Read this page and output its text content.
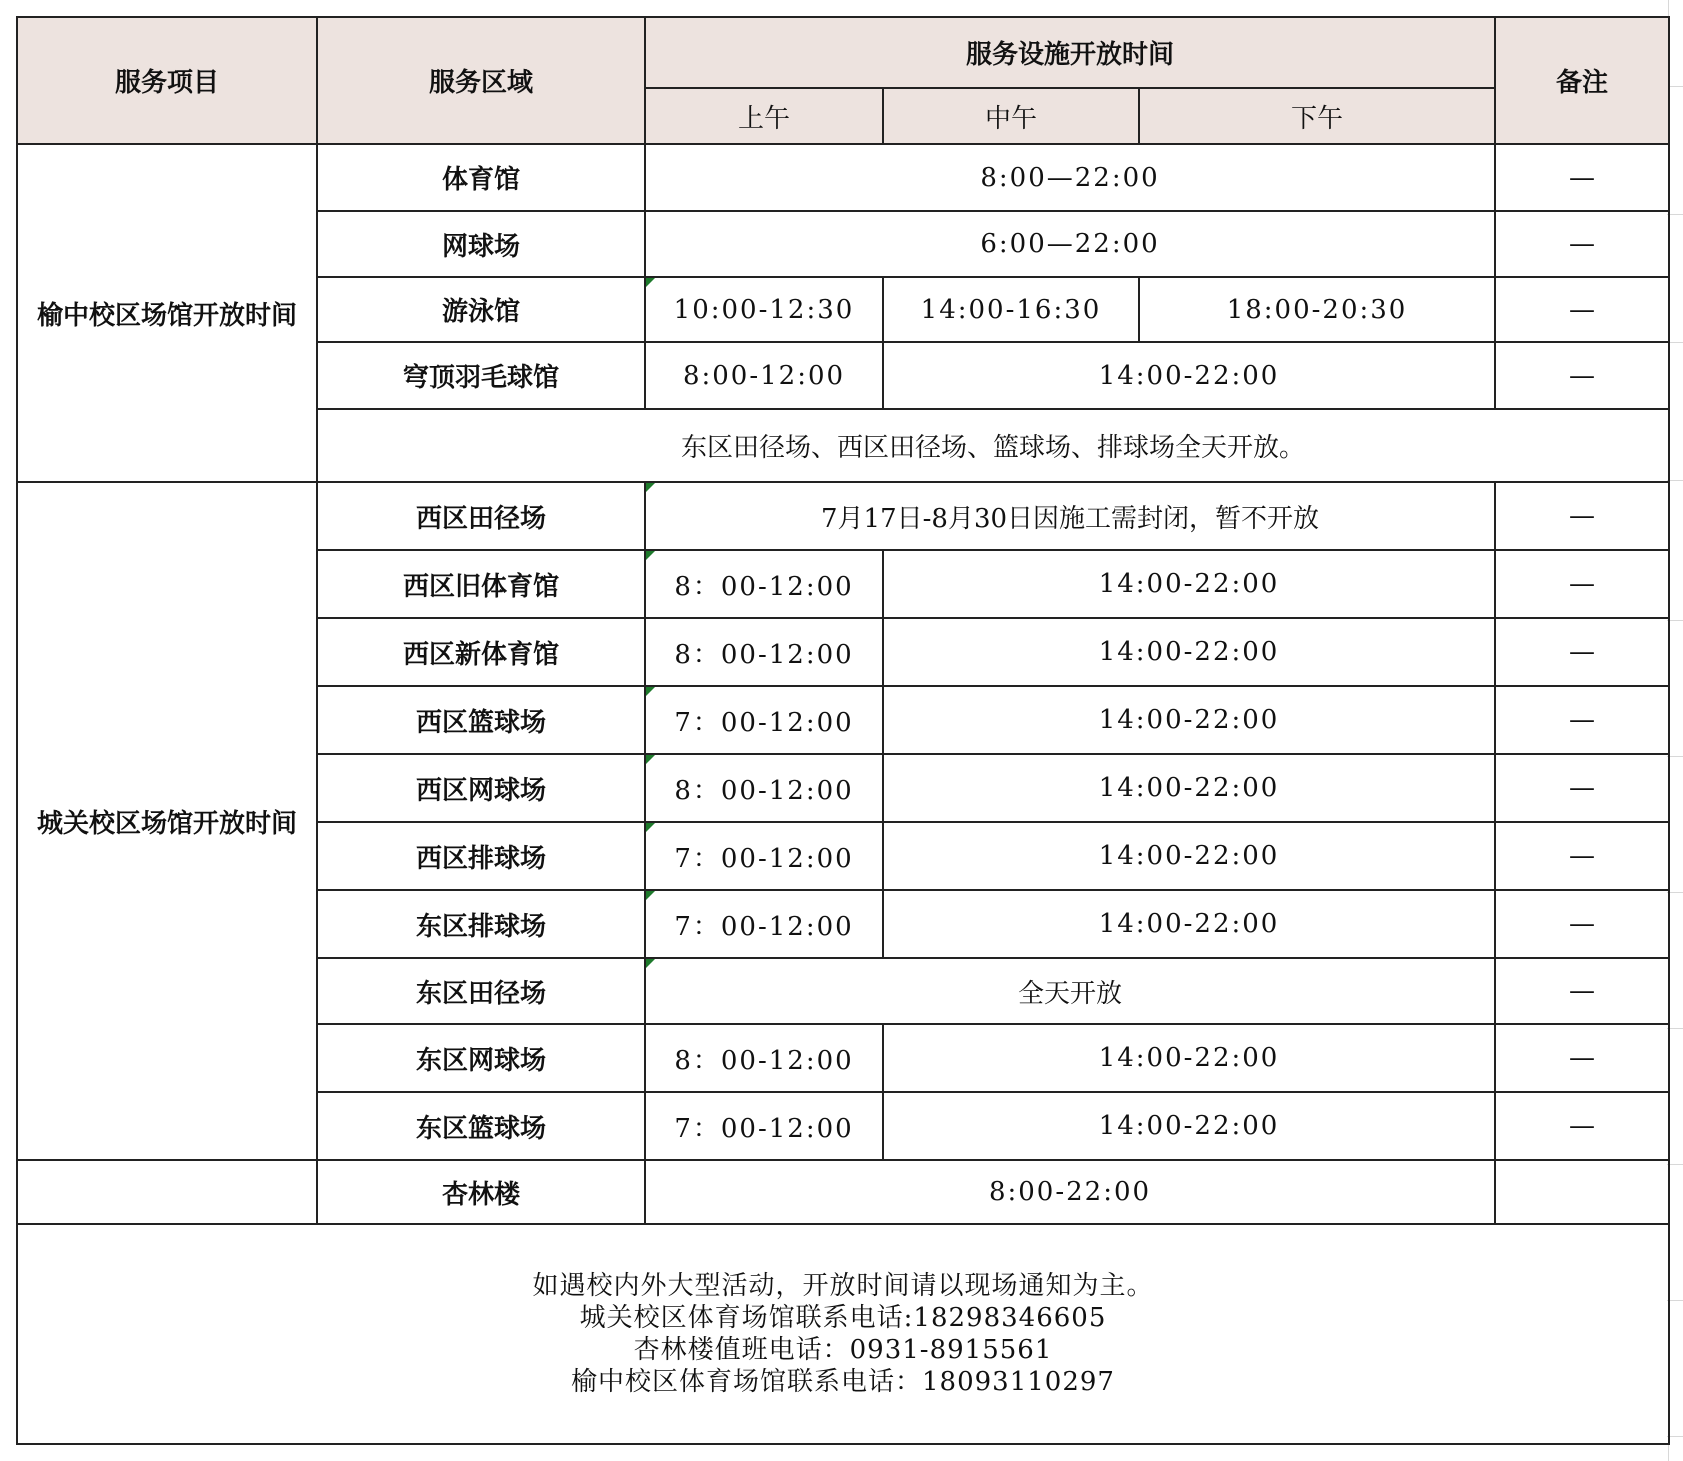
服务项目	服务区域	服务设施开放时间			备注
		上午	中午	下午	
榆中校区场馆开放时间	体育馆	8:00—22:00			—
	网球场	6:00—22:00			—
	游泳馆	10:00-12:30	14:00-16:30	18:00-20:30	—
	穹顶羽毛球馆	8:00-12:00	14:00-22:00		—
	东区田径场、西区田径场、篮球场、排球场全天开放。				
城关校区场馆开放时间	西区田径场	7月17日-8月30日因施工需封闭，暂不开放			—
	西区旧体育馆	8：00-12:00	14:00-22:00		—
	西区新体育馆	8：00-12:00	14:00-22:00		—
	西区篮球场	7：00-12:00	14:00-22:00		—
	西区网球场	8：00-12:00	14:00-22:00		—
	西区排球场	7：00-12:00	14:00-22:00		—
	东区排球场	7：00-12:00	14:00-22:00		—
	东区田径场	全天开放			—
	东区网球场	8：00-12:00	14:00-22:00		—
	东区篮球场	7：00-12:00	14:00-22:00		—
	杏林楼	8:00-22:00			

如遇校内外大型活动，开放时间请以现场通知为主。
城关校区体育场馆联系电话:18298346605
杏林楼值班电话：0931-8915561
榆中校区体育场馆联系电话：18093110297					
